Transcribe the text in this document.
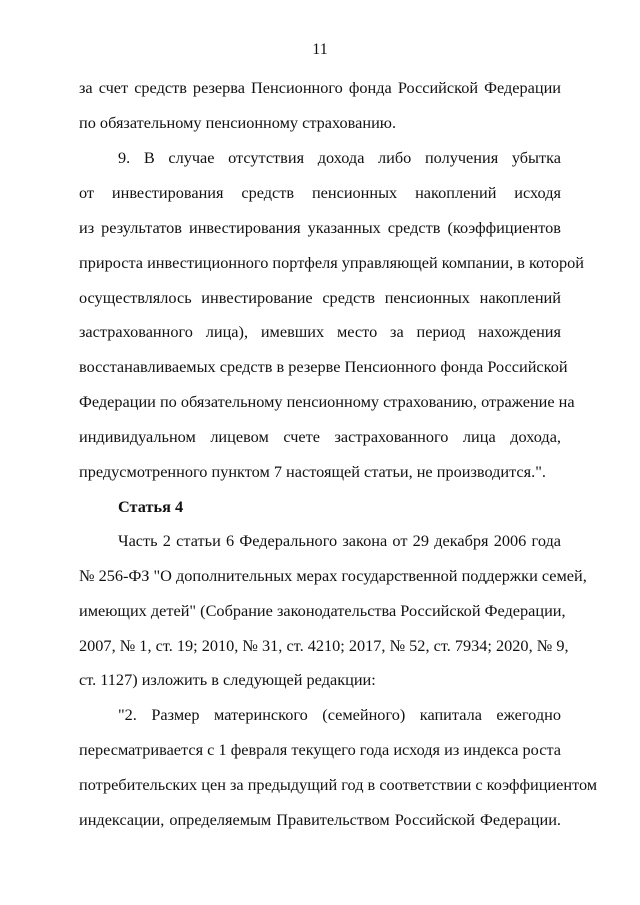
11
за счет средств резерва Пенсионного фонда Российской Федерации
по обязательному пенсионному страхованию.
9. В случае отсутствия дохода либо получения убытка
от инвестирования средств пенсионных накоплений исходя
из результатов инвестирования указанных средств (коэффициентов
прироста инвестиционного портфеля управляющей компании, в которой
осуществлялось инвестирование средств пенсионных накоплений
застрахованного лица), имевших место за период нахождения
восстанавливаемых средств в резерве Пенсионного фонда Российской
Федерации по обязательному пенсионному страхованию, отражение на
индивидуальном лицевом счете застрахованного лица дохода,
предусмотренного пунктом 7 настоящей статьи, не производится.".
Статья 4
Часть 2 статьи 6 Федерального закона от 29 декабря 2006 года
№ 256-ФЗ "О дополнительных мерах государственной поддержки семей,
имеющих детей" (Собрание законодательства Российской Федерации,
2007, № 1, ст. 19; 2010, № 31, ст. 4210; 2017, № 52, ст. 7934; 2020, № 9,
ст. 1127) изложить в следующей редакции:
"2. Размер материнского (семейного) капитала ежегодно
пересматривается с 1 февраля текущего года исходя из индекса роста
потребительских цен за предыдущий год в соответствии с коэффициентом
индексации, определяемым Правительством Российской Федерации.
